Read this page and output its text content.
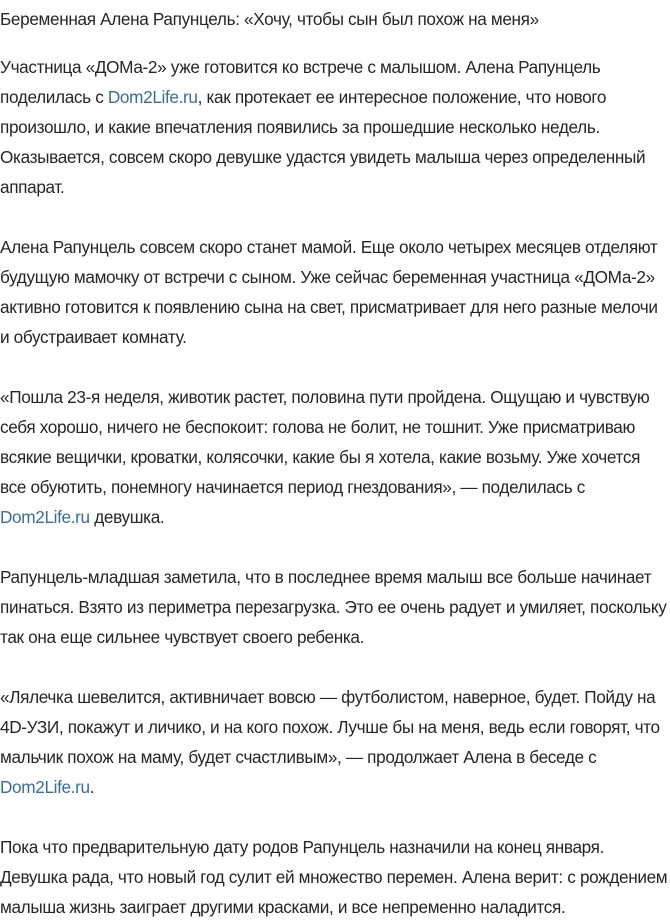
Беременная Алена Рапунцель: «Хочу, чтобы сын был похож на меня»

Участница «ДОМа-2» уже готовится ко встрече с малышом. Алена Рапунцель поделилась с Dom2Life.ru, как протекает ее интересное положение, что нового произошло, и какие впечатления появились за прошедшие несколько недель. Оказывается, совсем скоро девушке удастся увидеть малыша через определенный аппарат.

Алена Рапунцель совсем скоро станет мамой. Еще около четырех месяцев отделяют будущую мамочку от встречи с сыном. Уже сейчас беременная участница «ДОМа-2» активно готовится к появлению сына на свет, присматривает для него разные мелочи и обустраивает комнату.

«Пошла 23-я неделя, животик растет, половина пути пройдена. Ощущаю и чувствую себя хорошо, ничего не беспокоит: голова не болит, не тошнит. Уже присматриваю всякие вещички, кроватки, колясочки, какие бы я хотела, какие возьму. Уже хочется все обуютить, понемногу начинается период гнездования», — поделилась с Dom2Life.ru девушка.

Рапунцель-младшая заметила, что в последнее время малыш все больше начинает пинаться. Взято из периметра перезагрузка. Это ее очень радует и умиляет, поскольку так она еще сильнее чувствует своего ребенка.

«Лялечка шевелится, активничает вовсю — футболистом, наверное, будет. Пойду на 4D-УЗИ, покажут и личико, и на кого похож. Лучше бы на меня, ведь если говорят, что мальчик похож на маму, будет счастливым», — продолжает Алена в беседе с Dom2Life.ru.

Пока что предварительную дату родов Рапунцель назначили на конец января. Девушка рада, что новый год сулит ей множество перемен. Алена верит: с рождением малыша жизнь заиграет другими красками, и все непременно наладится.
